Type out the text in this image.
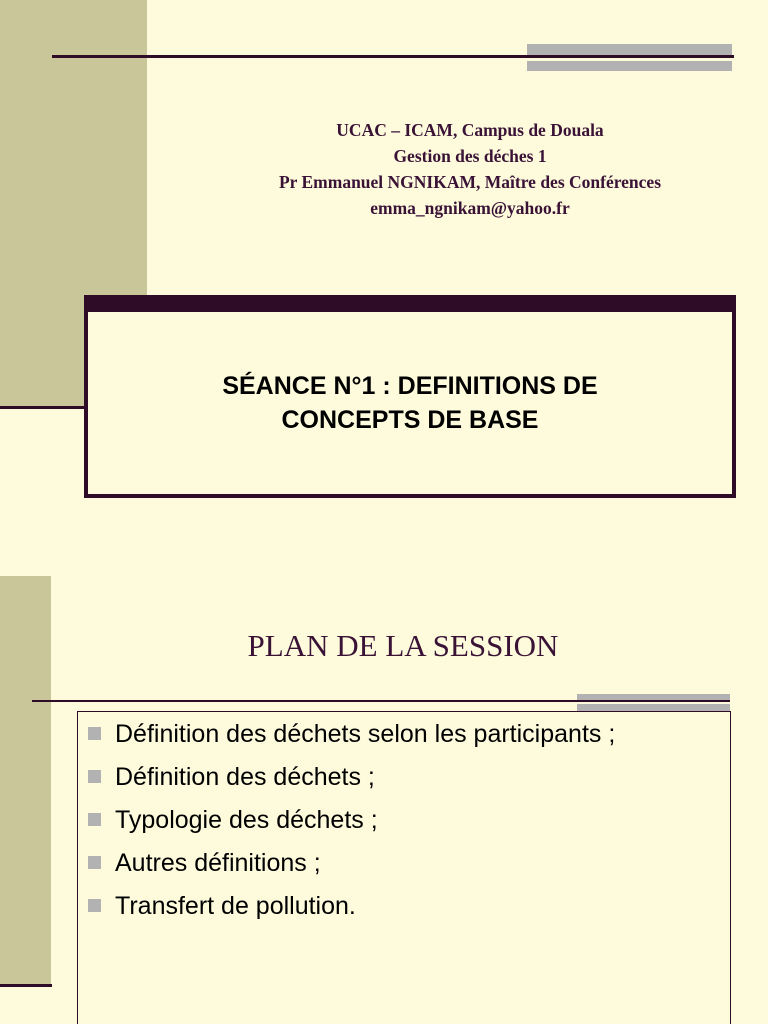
UCAC – ICAM, Campus de Douala
Gestion des déches 1
Pr Emmanuel NGNIKAM, Maître des Conférences
emma_ngnikam@yahoo.fr
SÉANCE N°1 : DEFINITIONS DE
CONCEPTS DE BASE
PLAN DE LA SESSION
Définition des déchets selon les participants ;
Définition des déchets ;
Typologie des déchets ;
Autres définitions ;
Transfert de pollution.
